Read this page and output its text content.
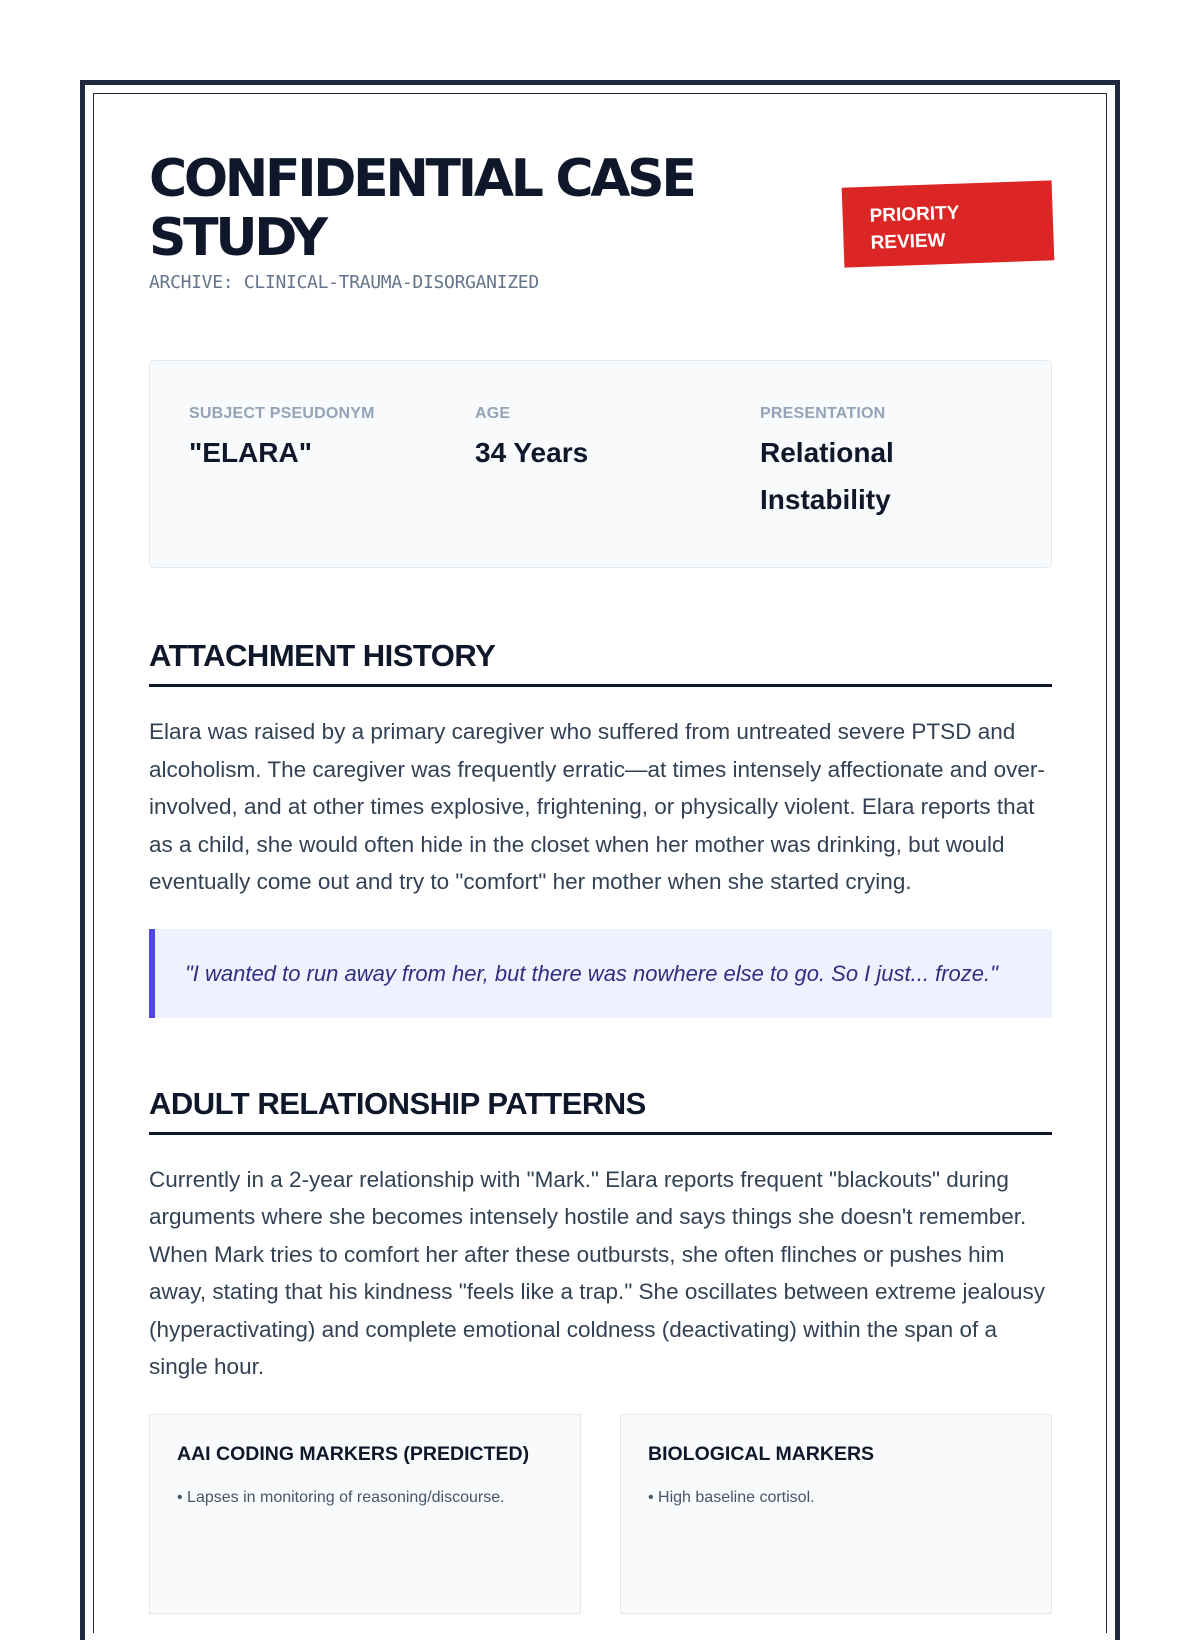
CONFIDENTIAL CASE STUDY
ARCHIVE: CLINICAL-TRAUMA-DISORGANIZED
PRIORITY
REVIEW
SUBJECT PSEUDONYM
"ELARA"
AGE
34 Years
PRESENTATION
Relational Instability
ATTACHMENT HISTORY

Elara was raised by a primary caregiver who suffered from untreated severe PTSD and alcoholism. The caregiver was frequently erratic—at times intensely affectionate and over-involved, and at other times explosive, frightening, or physically violent. Elara reports that as a child, she would often hide in the closet when her mother was drinking, but would eventually come out and try to "comfort" her mother when she started crying.

"I wanted to run away from her, but there was nowhere else to go. So I just... froze."
ADULT RELATIONSHIP PATTERNS

Currently in a 2-year relationship with "Mark." Elara reports frequent "blackouts" during arguments where she becomes intensely hostile and says things she doesn't remember. When Mark tries to comfort her after these outbursts, she often flinches or pushes him away, stating that his kindness "feels like a trap." She oscillates between extreme jealousy (hyperactivating) and complete emotional coldness (deactivating) within the span of a single hour.

AAI CODING MARKERS (PREDICTED)
• Lapses in monitoring of reasoning/discourse.
BIOLOGICAL MARKERS
• High baseline cortisol.
